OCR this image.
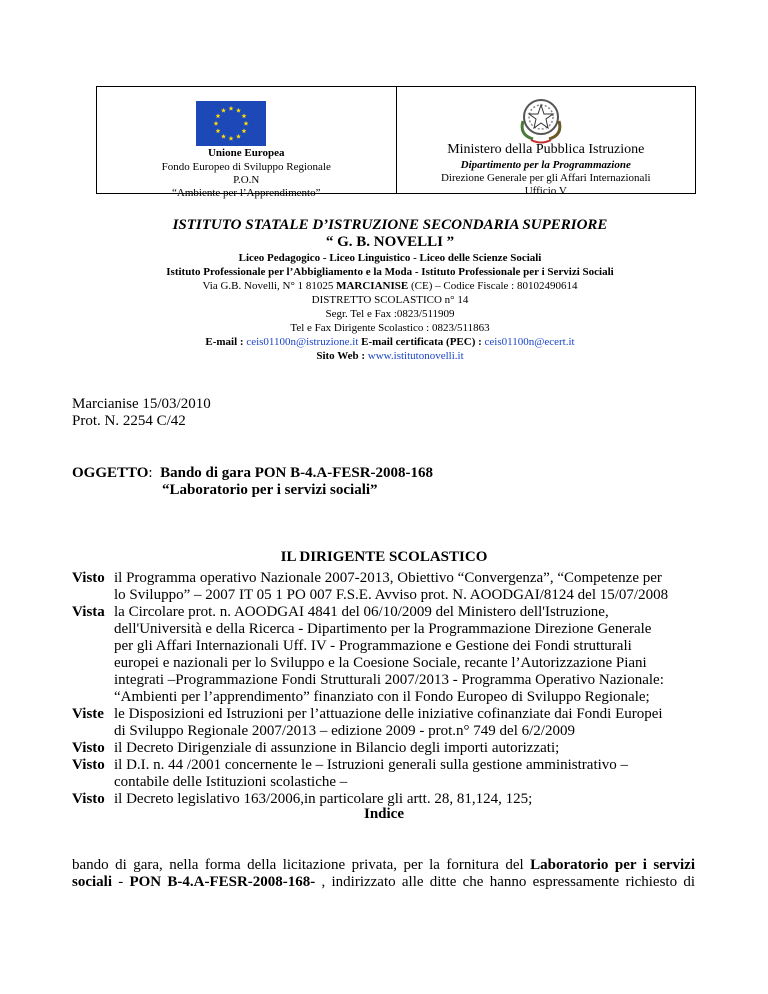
Unione Europea
Fondo Europeo di Sviluppo Regionale
P.O.N
“Ambiente per l’Apprendimento”
Ministero della Pubblica Istruzione
Dipartimento per la Programmazione
Direzione Generale per gli Affari Internazionali
Ufficio V
ISTITUTO STATALE D’ISTRUZIONE SECONDARIA SUPERIORE
“ G. B. NOVELLI ”
Liceo Pedagogico - Liceo Linguistico - Liceo delle Scienze Sociali
Istituto Professionale per l’Abbigliamento e la Moda - Istituto Professionale per i Servizi Sociali
Via G.B. Novelli, N° 1 81025 MARCIANISE (CE) – Codice Fiscale : 80102490614
DISTRETTO SCOLASTICO n° 14
Segr. Tel e Fax :0823/511909
Tel e Fax Dirigente Scolastico : 0823/511863
E-mail : ceis01100n@istruzione.it E-mail certificata (PEC) : ceis01100n@ecert.it
Sito Web : www.istitutonovelli.it
Marcianise 15/03/2010
Prot. N. 2254 C/42
OGGETTO: Bando di gara PON B-4.A-FESR-2008-168
“Laboratorio per i servizi sociali”
IL DIRIGENTE SCOLASTICO
Visto il Programma operativo Nazionale 2007-2013, Obiettivo “Convergenza”, “Competenze per
lo Sviluppo” – 2007 IT 05 1 PO 007 F.S.E. Avviso prot. N. AOODGAI/8124 del 15/07/2008
Vista la Circolare prot. n. AOODGAI 4841 del 06/10/2009 del Ministero dell'Istruzione,
dell'Università e della Ricerca - Dipartimento per la Programmazione Direzione Generale
per gli Affari Internazionali Uff. IV - Programmazione e Gestione dei Fondi strutturali
europei e nazionali per lo Sviluppo e la Coesione Sociale, recante l’Autorizzazione Piani
integrati –Programmazione Fondi Strutturali 2007/2013 - Programma Operativo Nazionale:
“Ambienti per l’apprendimento” finanziato con il Fondo Europeo di Sviluppo Regionale;
Viste le Disposizioni ed Istruzioni per l’attuazione delle iniziative cofinanziate dai Fondi Europei
di Sviluppo Regionale 2007/2013 – edizione 2009 - prot.n° 749 del 6/2/2009
Visto il Decreto Dirigenziale di assunzione in Bilancio degli importi autorizzati;
Visto il D.I. n. 44 /2001 concernente le – Istruzioni generali sulla gestione amministrativo –
contabile delle Istituzioni scolastiche –
Visto il Decreto legislativo 163/2006,in particolare gli artt. 28, 81,124, 125;
Indice
bando di gara, nella forma della licitazione privata, per la fornitura del Laboratorio per i servizi
sociali - PON B-4.A-FESR-2008-168- , indirizzato alle ditte che hanno espressamente richiesto di
